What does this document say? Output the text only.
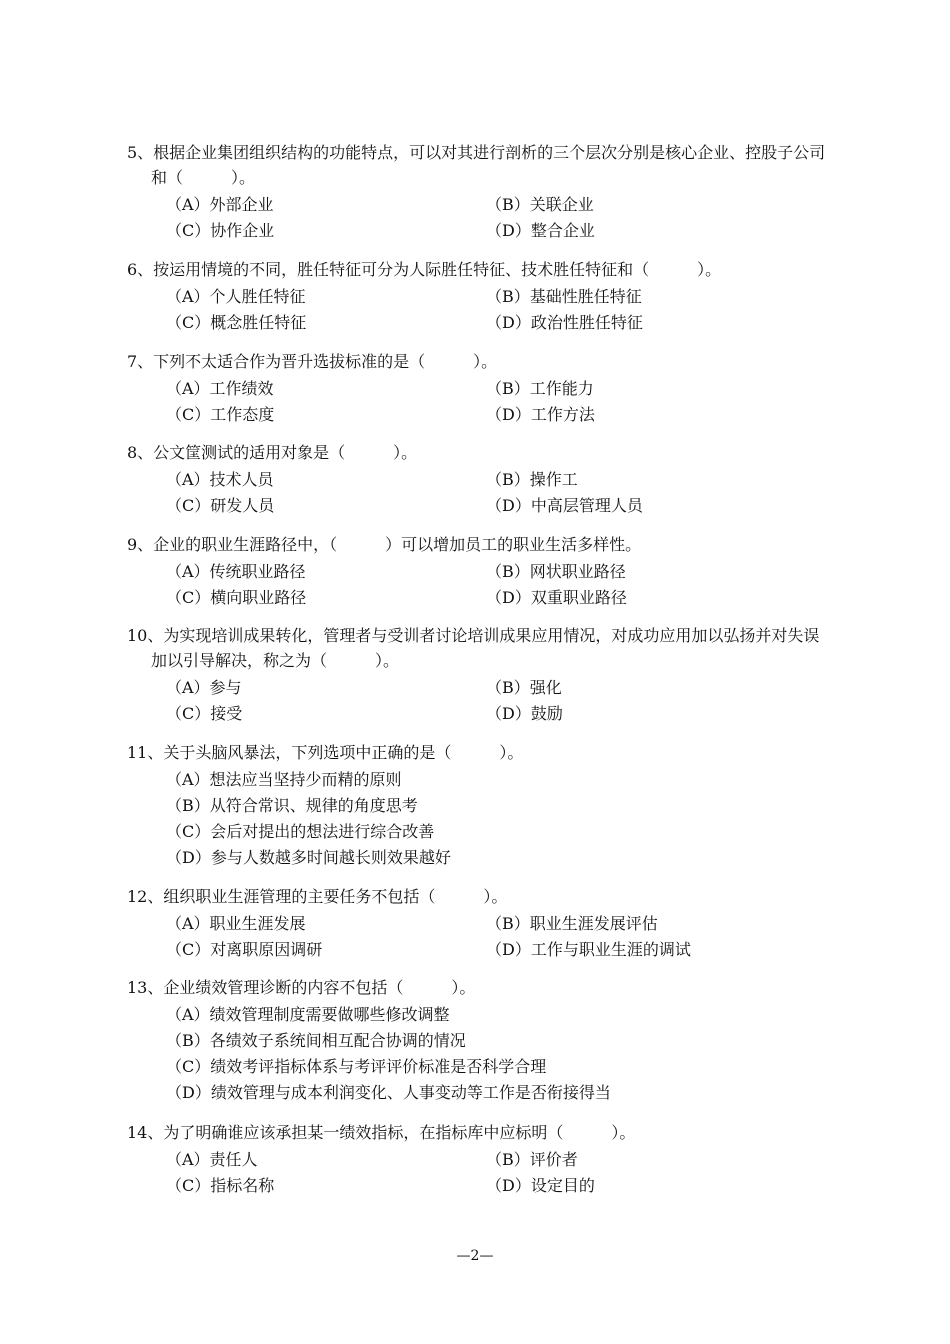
5、根据企业集团组织结构的功能特点，可以对其进行剖析的三个层次分别是核心企业、控股子公司和（　　　）。

（A）外部企业	（B）关联企业
（C）协作企业	（D）整合企业

6、按运用情境的不同，胜任特征可分为人际胜任特征、技术胜任特征和（　　　）。

（A）个人胜任特征	（B）基础性胜任特征
（C）概念胜任特征	（D）政治性胜任特征

7、下列不太适合作为晋升选拔标准的是（　　　）。

（A）工作绩效	（B）工作能力
（C）工作态度	（D）工作方法

8、公文筐测试的适用对象是（　　　）。

（A）技术人员	（B）操作工
（C）研发人员	（D）中高层管理人员

9、企业的职业生涯路径中，（　　　）可以增加员工的职业生活多样性。

（A）传统职业路径	（B）网状职业路径
（C）横向职业路径	（D）双重职业路径

10、为实现培训成果转化，管理者与受训者讨论培训成果应用情况，对成功应用加以弘扬并对失误加以引导解决，称之为（　　　）。

（A）参与	（B）强化
（C）接受	（D）鼓励

11、关于头脑风暴法，下列选项中正确的是（　　　）。

（A）想法应当坚持少而精的原则
（B）从符合常识、规律的角度思考
（C）会后对提出的想法进行综合改善
（D）参与人数越多时间越长则效果越好

12、组织职业生涯管理的主要任务不包括（　　　）。

（A）职业生涯发展	（B）职业生涯发展评估
（C）对离职原因调研	（D）工作与职业生涯的调试

13、企业绩效管理诊断的内容不包括（　　　）。

（A）绩效管理制度需要做哪些修改调整
（B）各绩效子系统间相互配合协调的情况
（C）绩效考评指标体系与考评评价标准是否科学合理
（D）绩效管理与成本利润变化、人事变动等工作是否衔接得当

14、为了明确谁应该承担某一绩效指标，在指标库中应标明（　　　）。

（A）责任人	（B）评价者
（C）指标名称	（D）设定目的
—2—
